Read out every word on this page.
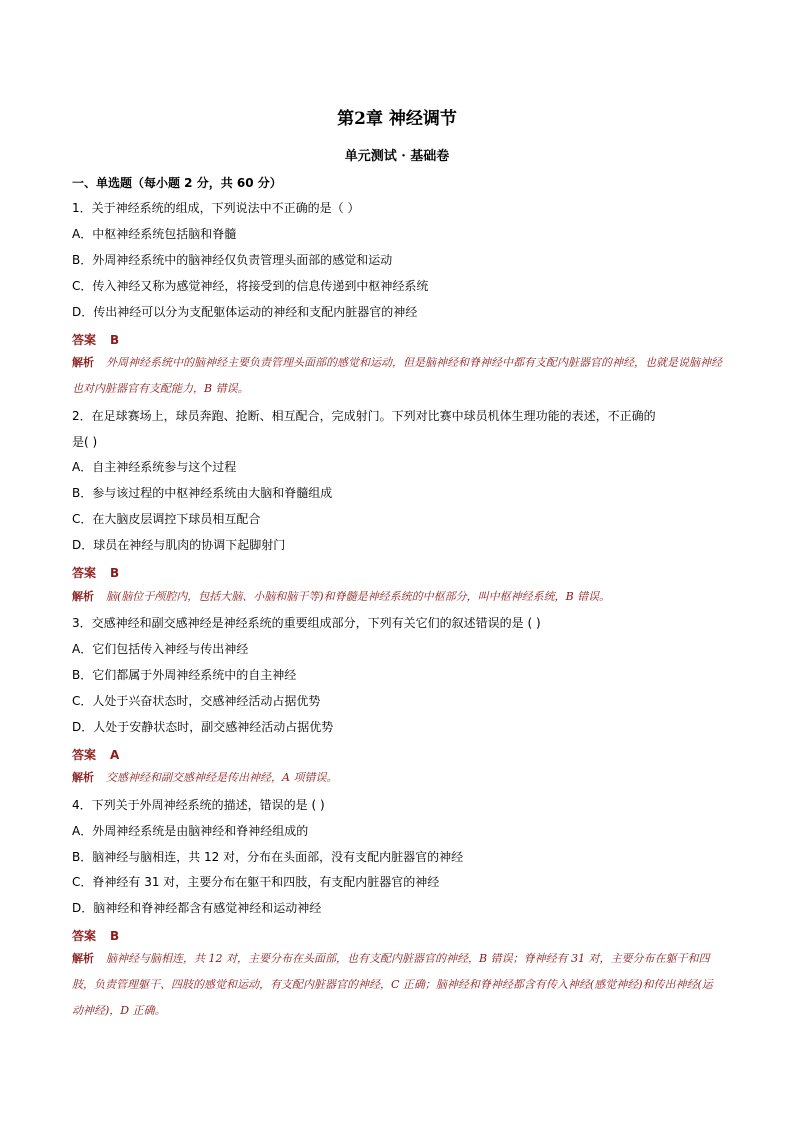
第2章 神经调节
单元测试 · 基础卷
一、单选题（每小题 2 分，共 60 分）
1．关于神经系统的组成，下列说法中不正确的是（ ）
A．中枢神经系统包括脑和脊髓
B．外周神经系统中的脑神经仅负责管理头面部的感觉和运动
C．传入神经又称为感觉神经，将接受到的信息传递到中枢神经系统
D．传出神经可以分为支配躯体运动的神经和支配内脏器官的神经
答案 B
解析 外周神经系统中的脑神经主要负责管理头面部的感觉和运动，但是脑神经和脊神经中都有支配内脏器官的神经，也就是说脑神经也对内脏器官有支配能力，B 错误。
2．在足球赛场上，球员奔跑、抢断、相互配合，完成射门。下列对比赛中球员机体生理功能的表述，不正确的
是( )
A．自主神经系统参与这个过程
B．参与该过程的中枢神经系统由大脑和脊髓组成
C．在大脑皮层调控下球员相互配合
D．球员在神经与肌肉的协调下起脚射门
答案 B
解析 脑(脑位于颅腔内，包括大脑、小脑和脑干等)和脊髓是神经系统的中枢部分，叫中枢神经系统，B 错误。
3．交感神经和副交感神经是神经系统的重要组成部分，下列有关它们的叙述错误的是 ( )
A．它们包括传入神经与传出神经
B．它们都属于外周神经系统中的自主神经
C．人处于兴奋状态时，交感神经活动占据优势
D．人处于安静状态时，副交感神经活动占据优势
答案 A
解析 交感神经和副交感神经是传出神经，A 项错误。
4．下列关于外周神经系统的描述，错误的是 ( )
A．外周神经系统是由脑神经和脊神经组成的
B．脑神经与脑相连，共 12 对，分布在头面部，没有支配内脏器官的神经
C．脊神经有 31 对，主要分布在躯干和四肢，有支配内脏器官的神经
D．脑神经和脊神经都含有感觉神经和运动神经
答案 B
解析 脑神经与脑相连，共 12 对，主要分布在头面部，也有支配内脏器官的神经，B 错误；脊神经有 31 对，主要分布在躯干和四肢，负责管理躯干、四肢的感觉和运动，有支配内脏器官的神经，C 正确；脑神经和脊神经都含有传入神经(感觉神经)和传出神经(运动神经)，D 正确。
